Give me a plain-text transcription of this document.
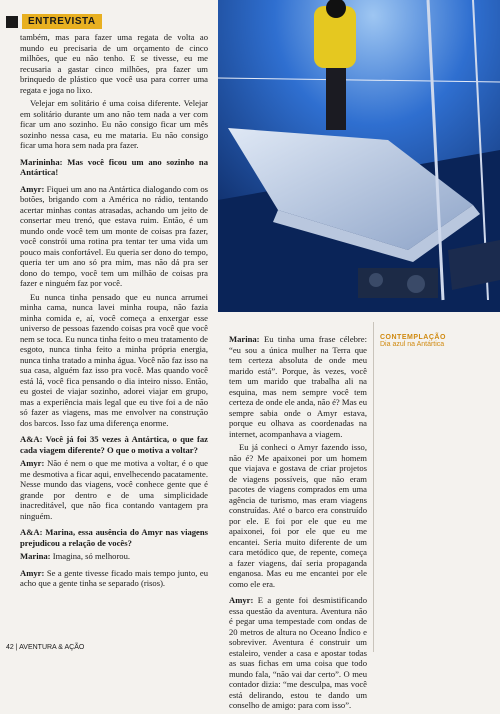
ENTREVISTA

também, mas para fazer uma regata de volta ao mundo eu precisaria de um orçamento de cinco milhões, que eu não tenho. E se tivesse, eu me recusaria a gastar cinco milhões, pra fazer um brinquedo de plástico que você usa para correr uma regata e joga no lixo.

Velejar em solitário é uma coisa diferente. Velejar em solitário durante um ano não tem nada a ver com ficar um ano sozinho. Eu não consigo ficar um mês sozinho nessa casa, eu me mataria. Eu não consigo ficar uma hora sem nada pra fazer.

Marininha: Mas você ficou um ano sozinho na Antártica!

Amyr: Fiquei um ano na Antártica dialogando com os botões, brigando com a América no rádio, tentando acertar minhas contas atrasadas, achando um jeito de consertar meu trenó, que estava ruim. Então, é um mundo onde você tem um monte de coisas pra fazer, você constrói uma rotina pra tentar ter uma vida um pouco mais confortável. Eu queria ser dono do tempo, queria ter um ano só pra mim, mas não dá pra ser dono do tempo, você tem um milhão de coisas pra fazer e ninguém faz por você.

Eu nunca tinha pensado que eu nunca arrumei minha cama, nunca lavei minha roupa, não fazia minha comida e, aí, você começa a enxergar esse universo de pessoas fazendo coisas pra você que você nem se toca. Eu nunca tinha feito o meu tratamento de esgoto, nunca tinha feito a minha própria energia, nunca tinha tratado a minha água. Você não faz isso na sua casa, alguém faz isso pra você. Mas quando você está lá, você fica pensando o dia inteiro nisso. Então, eu gostei de viajar sozinho, adorei viajar em grupo, mas a experiência mais legal que eu tive foi a de não só fazer as viagens, mas me envolver na construção dos barcos. Isso faz uma diferença enorme.

A&A: Você já foi 35 vezes à Antártica, o que faz cada viagem diferente? O que o motiva a voltar?

Amyr: Não é nem o que me motiva a voltar, é o que me desmotiva a ficar aqui, envelhecendo pacatamente. Nesse mundo das viagens, você conhece gente que é grande por dentro e de uma simplicidade inacreditável, que não fica contando vantagem pra ninguém.

A&A: Marina, essa ausência do Amyr nas viagens prejudicou a relação de vocês?

Marina: Imagina, só melhorou.

Amyr: Se a gente tivesse ficado mais tempo junto, eu acho que a gente tinha se separado (risos).

Marina: Eu tinha uma frase célebre: “eu sou a única mulher na Terra que tem certeza absoluta de onde meu marido está”. Porque, às vezes, você tem um marido que trabalha ali na esquina, mas nem sempre você tem certeza de onde ele anda, não é? Mas eu sempre sabia onde o Amyr estava, porque eu olhava as coordenadas na internet, acompanhava a viagem.

Eu já conheci o Amyr fazendo isso, não é? Me apaixonei por um homem que viajava e gostava de criar projetos de viagens possíveis, que não eram pacotes de viagens comprados em uma agência de turismo, mas eram viagens construídas. Até o barco era construído por ele. E foi por ele que eu me apaixonei, foi por ele que eu me encantei. Seria muito diferente de um cara metódico que, de repente, começa a fazer viagens, daí seria propaganda enganosa. Mas eu me encantei por ele como ele era.

Amyr: E a gente foi desmistificando essa questão da aventura. Aventura não é pegar uma tempestade com ondas de 20 metros de altura no Oceano Índico e sobreviver. Aventura é construir um estaleiro, vender a casa e apostar todas as suas fichas em uma coisa que todo mundo fala, “não vai dar certo”. O meu contador dizia: “me desculpa, mas você está delirando, estou te dando um conselho de amigo: para com isso”.

CONTEMPLAÇÃO
Dia azul na Antártica
42 | AVENTURA & AÇÃO
